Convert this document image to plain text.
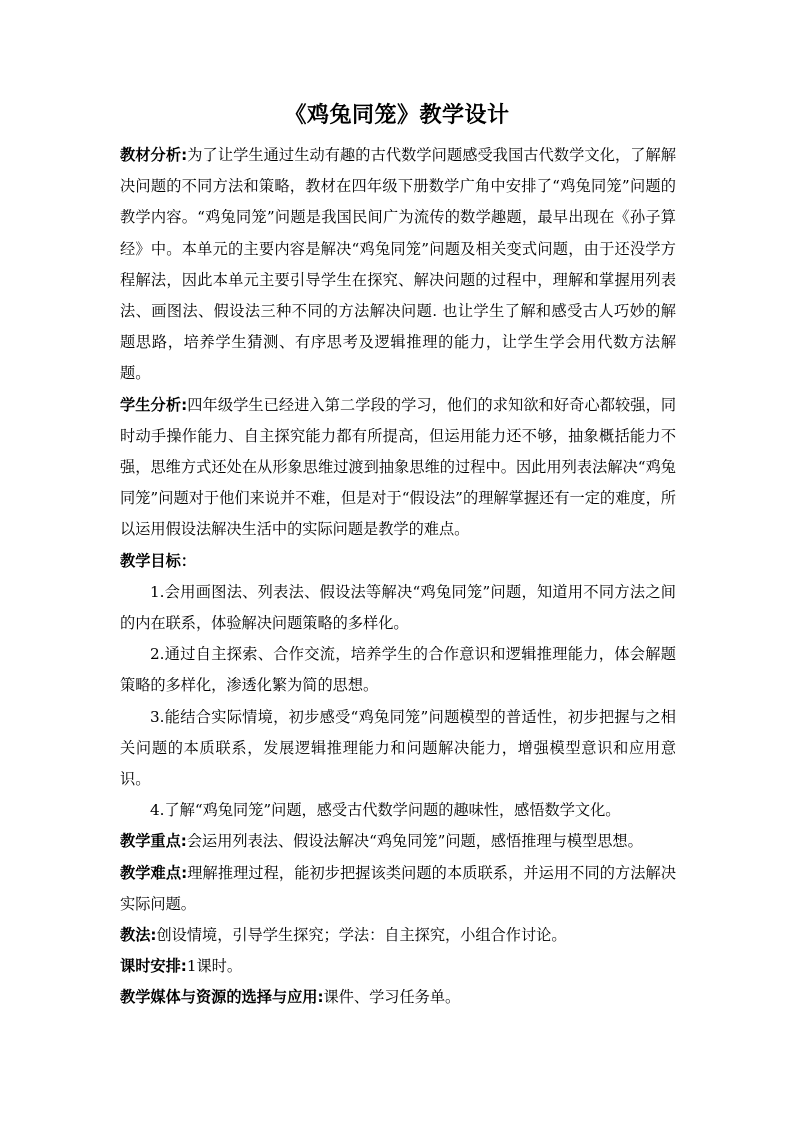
《鸡兔同笼》教学设计

教材分析:为了让学生通过生动有趣的古代数学问题感受我国古代数学文化，了解解决问题的不同方法和策略，教材在四年级下册数学广角中安排了“鸡兔同笼”问题的教学内容。“鸡兔同笼”问题是我国民间广为流传的数学趣题，最早出现在《孙子算经》中。本单元的主要内容是解决“鸡兔同笼”问题及相关变式问题，由于还没学方程解法，因此本单元主要引导学生在探究、解决问题的过程中，理解和掌握用列表法、画图法、假设法三种不同的方法解决问题. 也让学生了解和感受古人巧妙的解题思路，培养学生猜测、有序思考及逻辑推理的能力，让学生学会用代数方法解题。

学生分析:四年级学生已经进入第二学段的学习，他们的求知欲和好奇心都较强，同时动手操作能力、自主探究能力都有所提高，但运用能力还不够，抽象概括能力不强，思维方式还处在从形象思维过渡到抽象思维的过程中。因此用列表法解决“鸡兔同笼”问题对于他们来说并不难，但是对于“假设法”的理解掌握还有一定的难度，所以运用假设法解决生活中的实际问题是教学的难点。

教学目标：

1.会用画图法、列表法、假设法等解决“鸡兔同笼”问题，知道用不同方法之间的内在联系，体验解决问题策略的多样化。

2.通过自主探索、合作交流，培养学生的合作意识和逻辑推理能力，体会解题策略的多样化，渗透化繁为简的思想。

3.能结合实际情境，初步感受“鸡兔同笼”问题模型的普适性，初步把握与之相关问题的本质联系，发展逻辑推理能力和问题解决能力，增强模型意识和应用意识。

4.了解“鸡兔同笼”问题，感受古代数学问题的趣味性，感悟数学文化。

教学重点:会运用列表法、假设法解决“鸡兔同笼”问题，感悟推理与模型思想。

教学难点:理解推理过程，能初步把握该类问题的本质联系，并运用不同的方法解决实际问题。

教法:创设情境，引导学生探究；学法：自主探究，小组合作讨论。

课时安排:1课时。

教学媒体与资源的选择与应用:课件、学习任务单。
